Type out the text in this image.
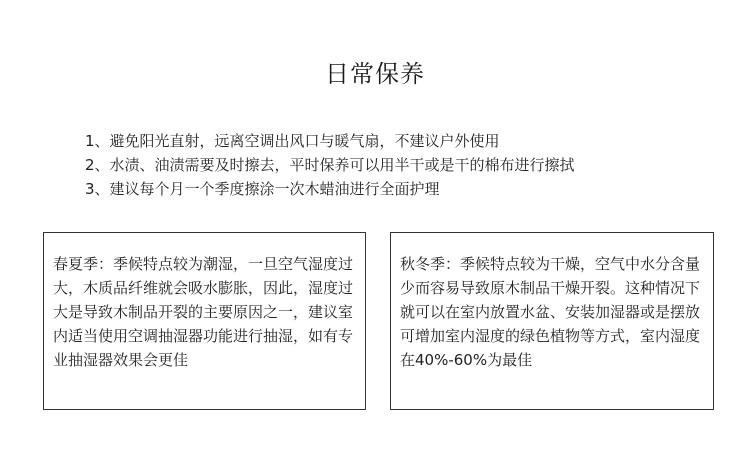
日常保养
1、避免阳光直射，远离空调出风口与暖气扇，不建议户外使用
2、水渍、油渍需要及时擦去，平时保养可以用半干或是干的棉布进行擦拭
3、建议每个月一个季度擦涂一次木蜡油进行全面护理

春夏季：季候特点较为潮湿，一旦空气湿度过大，木质品纤维就会吸水膨胀，因此，湿度过大是导致木制品开裂的主要原因之一，建议室内适当使用空调抽湿器功能进行抽湿，如有专业抽湿器效果会更佳

秋冬季：季候特点较为干燥，空气中水分含量少而容易导致原木制品干燥开裂。这种情况下就可以在室内放置水盆、安装加湿器或是摆放可增加室内湿度的绿色植物等方式，室内湿度在40%-60%为最佳
